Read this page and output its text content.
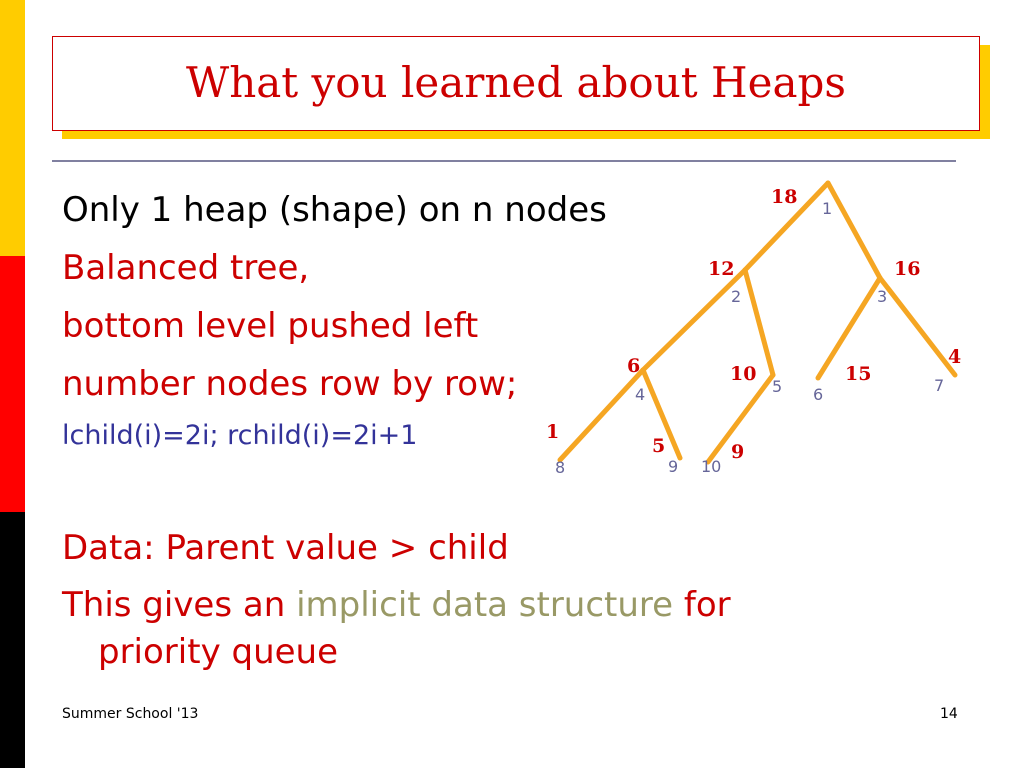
What you learned about Heaps
Only 1 heap (shape) on n nodes
Balanced tree,
bottom level pushed left
number nodes row by row;
lchild(i)=2i; rchild(i)=2i+1
Data: Parent value > child
This gives an implicit data structure for
priority queue
18
1
12
2
16
3
6
4
10
5
15
6
4
7
1
8
5
9
9
10
Summer School '13	14
